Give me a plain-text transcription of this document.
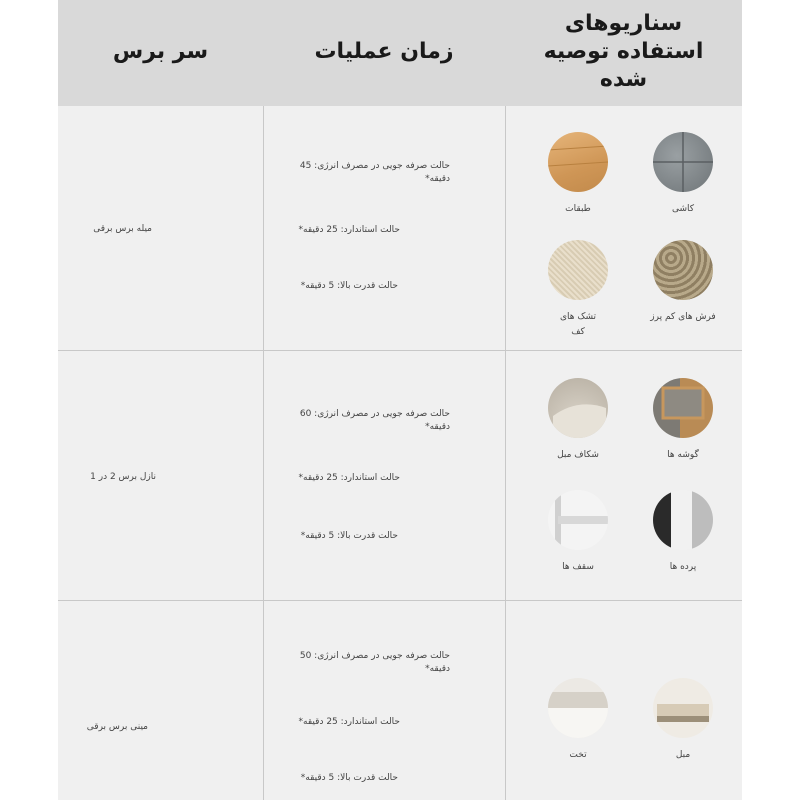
سر برس	زمان عملیات
سناریوهای
استفاده توصیه
شده
میله برس برقی
حالت صرفه جویی در مصرف انرژی: 45
دقیقه*
حالت استاندارد: 25 دقیقه*
حالت قدرت بالا: 5 دقیقه*
کاشی
طبقات
فرش های کم پرز
تشک های
کف
نازل برس 2 در 1
حالت صرفه جویی در مصرف انرژی: 60
دقیقه*
حالت استاندارد: 25 دقیقه*
حالت قدرت بالا: 5 دقیقه*
گوشه ها
شکاف مبل
پرده ها
سقف ها
مینی برس برقی
حالت صرفه جویی در مصرف انرژی: 50
دقیقه*
حالت استاندارد: 25 دقیقه*
حالت قدرت بالا: 5 دقیقه*
مبل
تخت
